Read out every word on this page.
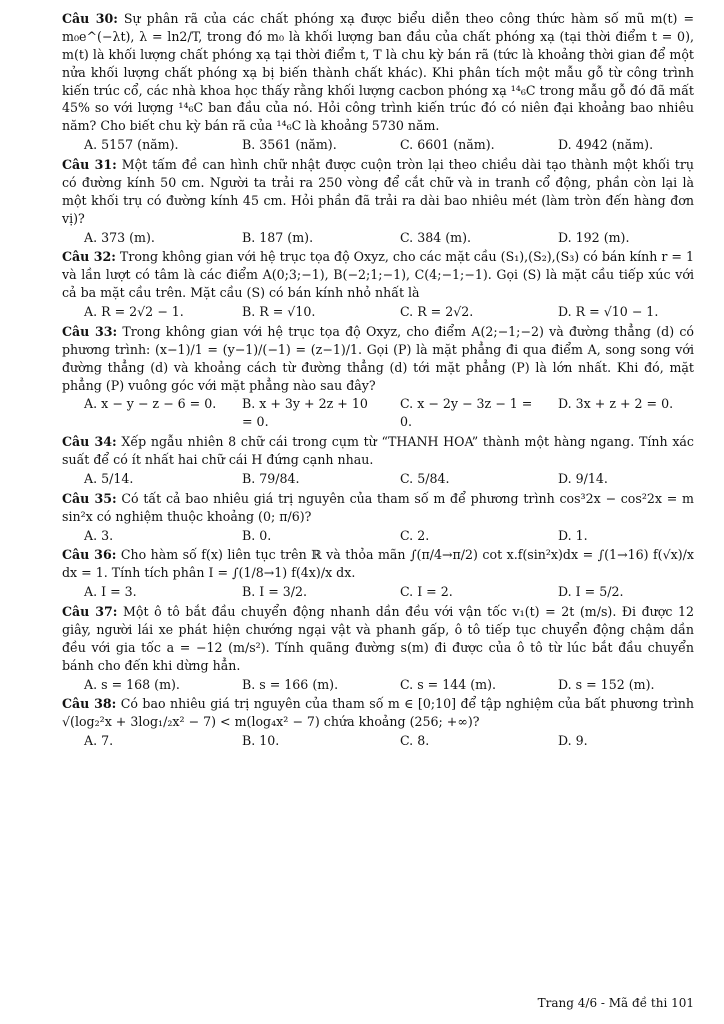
Câu 30: Sự phân rã của các chất phóng xạ được biểu diễn theo công thức hàm số mũ m(t) = m₀e^(−λt), λ = ln2/T, trong đó m₀ là khối lượng ban đầu của chất phóng xạ (tại thời điểm t = 0), m(t) là khối lượng chất phóng xạ tại thời điểm t, T là chu kỳ bán rã (tức là khoảng thời gian để một nửa khối lượng chất phóng xạ bị biến thành chất khác). Khi phân tích một mẫu gỗ từ công trình kiến trúc cổ, các nhà khoa học thấy rằng khối lượng cacbon phóng xạ ¹⁴₆C trong mẫu gỗ đó đã mất 45% so với lượng ¹⁴₆C ban đầu của nó. Hỏi công trình kiến trúc đó có niên đại khoảng bao nhiêu năm? Cho biết chu kỳ bán rã của ¹⁴₆C là khoảng 5730 năm.

A. 5157 (năm).	B. 3561 (năm).	C. 6601 (năm).	D. 4942 (năm).

Câu 31: Một tấm đề can hình chữ nhật được cuộn tròn lại theo chiều dài tạo thành một khối trụ có đường kính 50 cm. Người ta trải ra 250 vòng để cắt chữ và in tranh cổ động, phần còn lại là một khối trụ có đường kính 45 cm. Hỏi phần đã trải ra dài bao nhiêu mét (làm tròn đến hàng đơn vị)?

A. 373 (m).	B. 187 (m).	C. 384 (m).	D. 192 (m).

Câu 32: Trong không gian với hệ trục tọa độ Oxyz, cho các mặt cầu (S₁),(S₂),(S₃) có bán kính r = 1 và lần lượt có tâm là các điểm A(0;3;−1), B(−2;1;−1), C(4;−1;−1). Gọi (S) là mặt cầu tiếp xúc với cả ba mặt cầu trên. Mặt cầu (S) có bán kính nhỏ nhất là

A. R = 2√2 − 1.	B. R = √10.	C. R = 2√2.	D. R = √10 − 1.

Câu 33: Trong không gian với hệ trục tọa độ Oxyz, cho điểm A(2;−1;−2) và đường thẳng (d) có phương trình: (x−1)/1 = (y−1)/(−1) = (z−1)/1. Gọi (P) là mặt phẳng đi qua điểm A, song song với đường thẳng (d) và khoảng cách từ đường thẳng (d) tới mặt phẳng (P) là lớn nhất. Khi đó, mặt phẳng (P) vuông góc với mặt phẳng nào sau đây?

A. x − y − z − 6 = 0.	B. x + 3y + 2z + 10 = 0.
C. x − 2y − 3z − 1 = 0.
D. 3x + z + 2 = 0.

Câu 34: Xếp ngẫu nhiên 8 chữ cái trong cụm từ “THANH HOA” thành một hàng ngang. Tính xác suất để có ít nhất hai chữ cái H đứng cạnh nhau.

A. 5/14.	B. 79/84.	C. 5/84.	D. 9/14.

Câu 35: Có tất cả bao nhiêu giá trị nguyên của tham số m để phương trình cos³2x − cos²2x = m sin²x có nghiệm thuộc khoảng (0; π/6)?

A. 3.	B. 0.	C. 2.	D. 1.

Câu 36: Cho hàm số f(x) liên tục trên ℝ và thỏa mãn ∫(π/4→π/2) cot x.f(sin²x)dx = ∫(1→16) f(√x)/x dx = 1. Tính tích phân I = ∫(1/8→1) f(4x)/x dx.

A. I = 3.	B. I = 3/2.	C. I = 2.	D. I = 5/2.

Câu 37: Một ô tô bắt đầu chuyển động nhanh dần đều với vận tốc v₁(t) = 2t (m/s). Đi được 12 giây, người lái xe phát hiện chướng ngại vật và phanh gấp, ô tô tiếp tục chuyển động chậm dần đều với gia tốc a = −12 (m/s²). Tính quãng đường s(m) đi được của ô tô từ lúc bắt đầu chuyển bánh cho đến khi dừng hẳn.

A. s = 168 (m).	B. s = 166 (m).	C. s = 144 (m).	D. s = 152 (m).

Câu 38: Có bao nhiêu giá trị nguyên của tham số m ∈ [0;10] để tập nghiệm của bất phương trình √(log₂²x + 3log₁/₂x² − 7) < m(log₄x² − 7) chứa khoảng (256; +∞)?

A. 7.	B. 10.	C. 8.	D. 9.
Trang 4/6 - Mã đề thi 101
